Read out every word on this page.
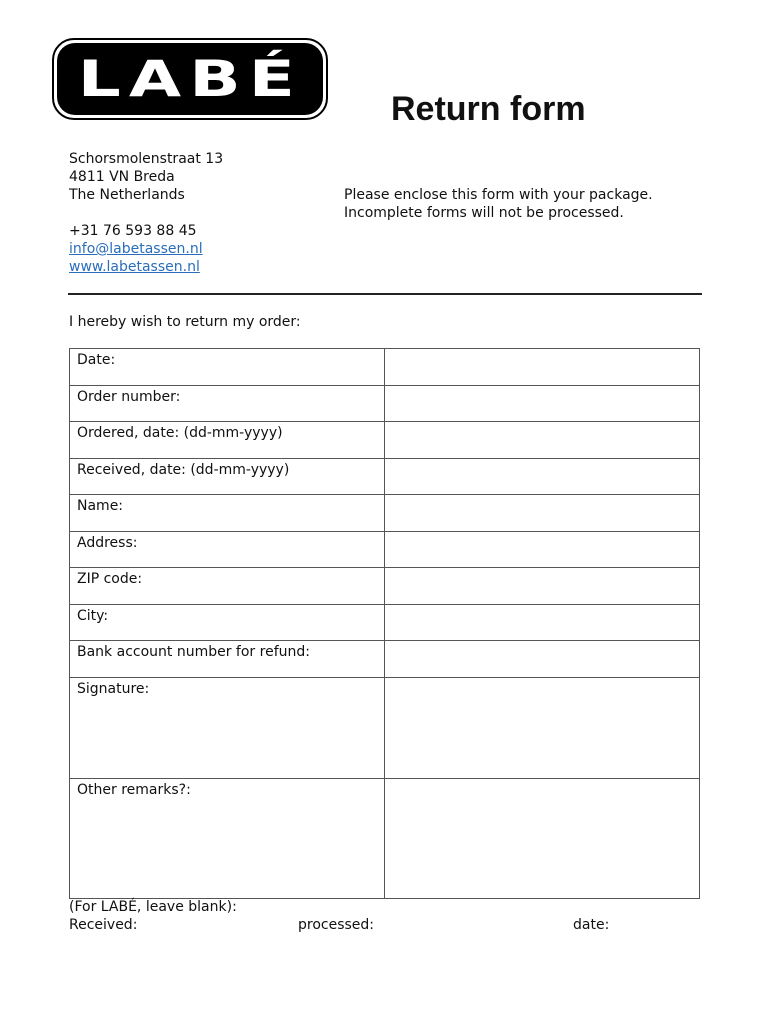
LABÉ
Return form
Schorsmolenstraat 13
4811 VN Breda
The Netherlands
+31 76 593 88 45
info@labetassen.nl
www.labetassen.nl
Please enclose this form with your package.
Incomplete forms will not be processed.
I hereby wish to return my order:
Date:	
Order number:	
Ordered, date: (dd-mm-yyyy)	
Received, date: (dd-mm-yyyy)	
Name:	
Address:	
ZIP code:	
City:	
Bank account number for refund:	
Signature:	
Other remarks?:	
(For LABÉ, leave blank):
Received:	processed:	date:
